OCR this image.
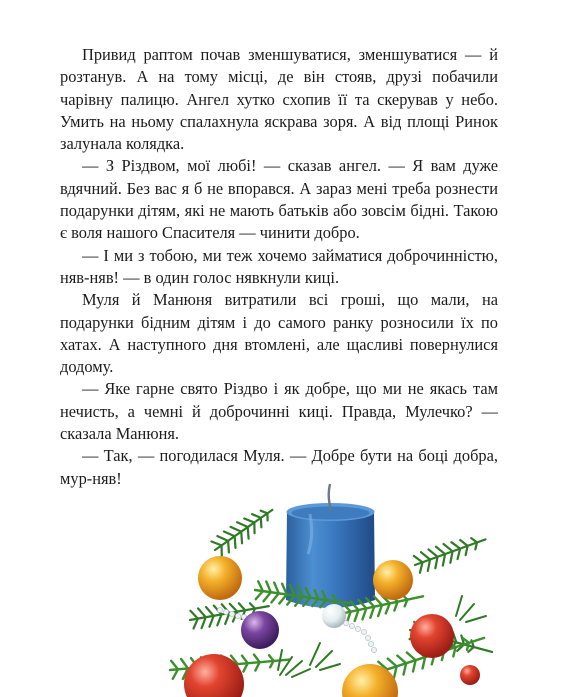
Привид раптом почав зменшуватися, зменшуватися — й розтанув. А на тому місці, де він стояв, друзі побачили чарівну палицю. Ангел хутко схопив її та скерував у небо. Умить на ньому спалахнула яскрава зоря. А від площі Ринок залунала колядка.

— З Різдвом, мої любі! — сказав ангел. — Я вам дуже вдячний. Без вас я б не впорався. А зараз мені треба рознести подарунки дітям, які не мають батьків або зовсім бідні. Такою є воля нашого Спасителя — чинити добро.

— І ми з тобою, ми теж хочемо займатися доброчинністю, няв-няв! — в один голос нявкнули киці.

Муля й Манюня витратили всі гроші, що мали, на подарунки бідним дітям і до самого ранку розносили їх по хатах. А наступного дня втомлені, але щасливі повернулися додому.

— Яке гарне свято Різдво і як добре, що ми не якась там нечисть, а чемні й доброчинні киці. Правда, Мулечко? — сказала Манюня.

— Так, — погодилася Муля. — Добре бути на боці добра, мур-няв!
